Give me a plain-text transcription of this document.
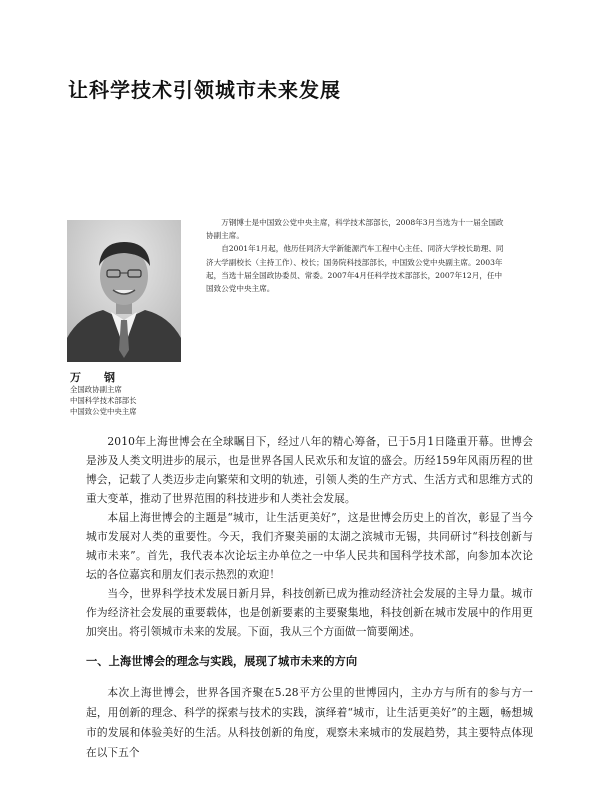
让科学技术引领城市未来发展

万钢博士是中国致公党中央主席，科学技术部部长，2008年3月当选为十一届全国政协副主席。

自2001年1月起，他历任同济大学新能源汽车工程中心主任、同济大学校长助理、同济大学副校长（主持工作）、校长；国务院科技部部长，中国致公党中央副主席。2003年起，当选十届全国政协委员、常委。2007年4月任科学技术部部长，2007年12月，任中国致公党中央主席。

万　钢
全国政协副主席
中国科学技术部部长
中国致公党中央主席

2010年上海世博会在全球瞩目下，经过八年的精心筹备，已于5月1日隆重开幕。世博会是涉及人类文明进步的展示，也是世界各国人民欢乐和友谊的盛会。历经159年风雨历程的世博会，记载了人类迈步走向繁荣和文明的轨迹，引领人类的生产方式、生活方式和思维方式的重大变革，推动了世界范围的科技进步和人类社会发展。

本届上海世博会的主题是“城市，让生活更美好”，这是世博会历史上的首次，彰显了当今城市发展对人类的重要性。今天，我们齐聚美丽的太湖之滨城市无锡，共同研讨“科技创新与城市未来”。首先，我代表本次论坛主办单位之一中华人民共和国科学技术部，向参加本次论坛的各位嘉宾和朋友们表示热烈的欢迎！

当今，世界科学技术发展日新月异，科技创新已成为推动经济社会发展的主导力量。城市作为经济社会发展的重要载体，也是创新要素的主要聚集地，科技创新在城市发展中的作用更加突出。将引领城市未来的发展。下面，我从三个方面做一简要阐述。

一、上海世博会的理念与实践，展现了城市未来的方向

本次上海世博会，世界各国齐聚在5.28平方公里的世博园内，主办方与所有的参与方一起，用创新的理念、科学的探索与技术的实践，演绎着“城市，让生活更美好”的主题，畅想城市的发展和体验美好的生活。从科技创新的角度，观察未来城市的发展趋势，其主要特点体现在以下五个
